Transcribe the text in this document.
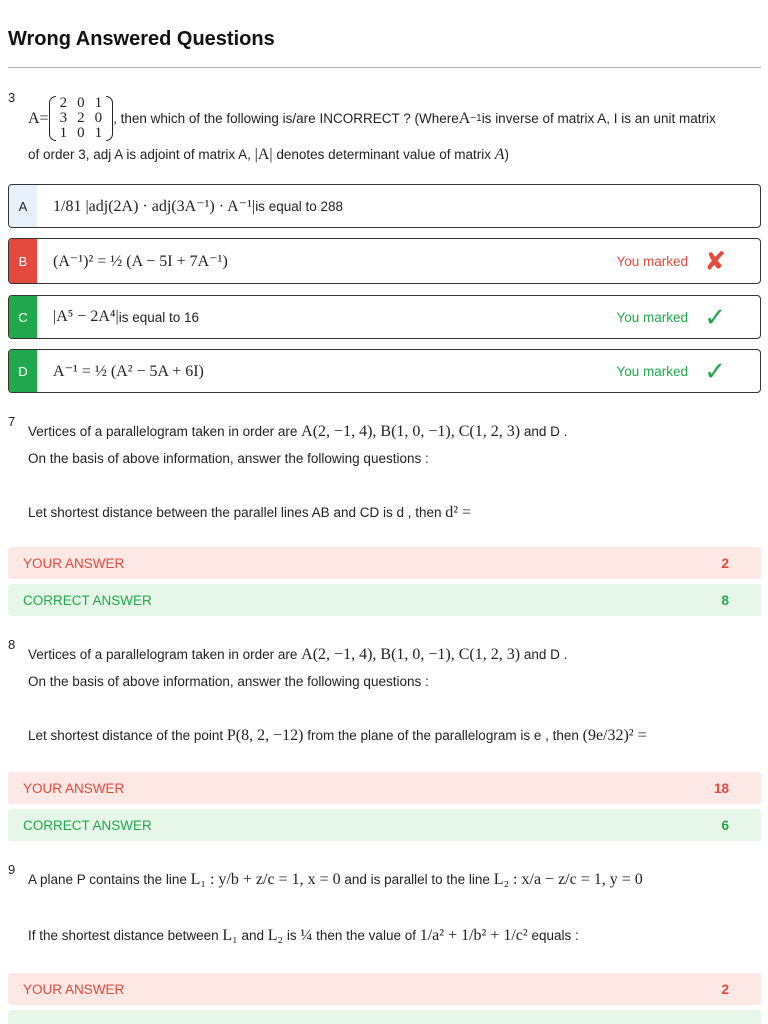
Wrong Answered Questions
3
A=
2	0	1
3	2	0
1	0	1
, then which of the following is/are INCORRECT ? (Where A −1 is inverse of matrix A, I is an unit matrix
of order 3, adj A is adjoint of matrix A, |A| denotes determinant value of matrix A)
A	1/81 |adj(2A) · adj(3A⁻¹) · A⁻¹| is equal to 288
B	(A⁻¹)² = ½ (A − 5I + 7A⁻¹)	You marked ✘
C	|A⁵ − 2A⁴| is equal to 16	You marked ✓
D	A⁻¹ = ½ (A² − 5A + 6I)	You marked ✓
7
Vertices of a parallelogram taken in order are A(2, −1, 4), B(1, 0, −1), C(1, 2, 3) and D .
On the basis of above information, answer the following questions :
Let shortest distance between the parallel lines AB and CD is d , then d² =
YOUR ANSWER	2
CORRECT ANSWER	8
8
Vertices of a parallelogram taken in order are A(2, −1, 4), B(1, 0, −1), C(1, 2, 3) and D .
On the basis of above information, answer the following questions :
Let shortest distance of the point P(8, 2, −12) from the plane of the parallelogram is e , then (9e/32)² =
YOUR ANSWER	18
CORRECT ANSWER	6
9
A plane P contains the line L₁ : y/b + z/c = 1, x = 0 and is parallel to the line L₂ : x/a − z/c = 1, y = 0
If the shortest distance between L₁ and L₂ is ¼ then the value of 1/a² + 1/b² + 1/c² equals :
YOUR ANSWER	2
